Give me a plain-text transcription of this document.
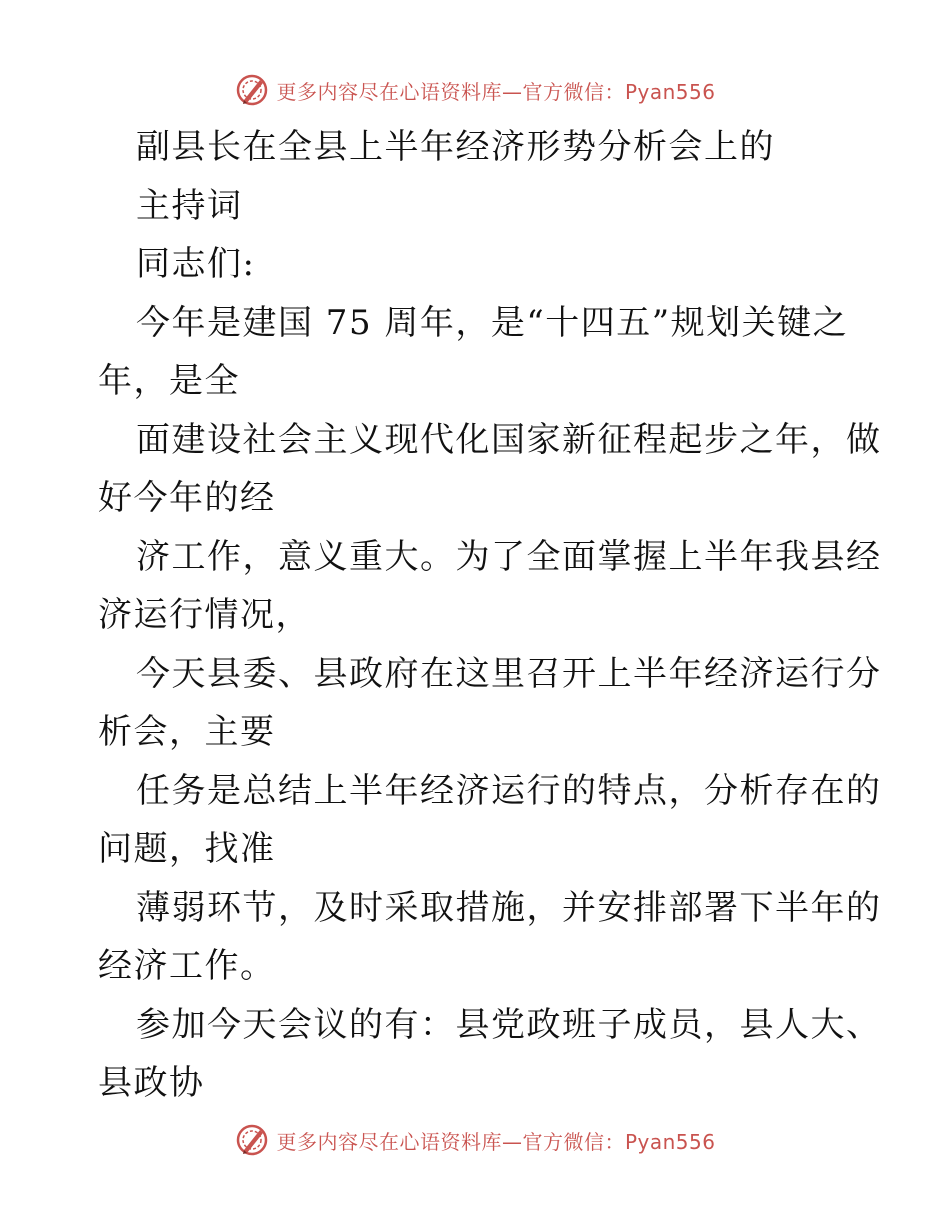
更多内容尽在心语资料库—官方微信：Pyan556
副县长在全县上半年经济形势分析会上的
主持词
同志们:
今年是建国 75 周年，是“十四五”规划关键之
年，是全
面建设社会主义现代化国家新征程起步之年，做
好今年的经
济工作，意义重大。为了全面掌握上半年我县经
济运行情况，
今天县委、县政府在这里召开上半年经济运行分
析会，主要
任务是总结上半年经济运行的特点，分析存在的
问题，找准
薄弱环节，及时采取措施，并安排部署下半年的
经济工作。
参加今天会议的有：县党政班子成员，县人大、
县政协
更多内容尽在心语资料库—官方微信：Pyan556
